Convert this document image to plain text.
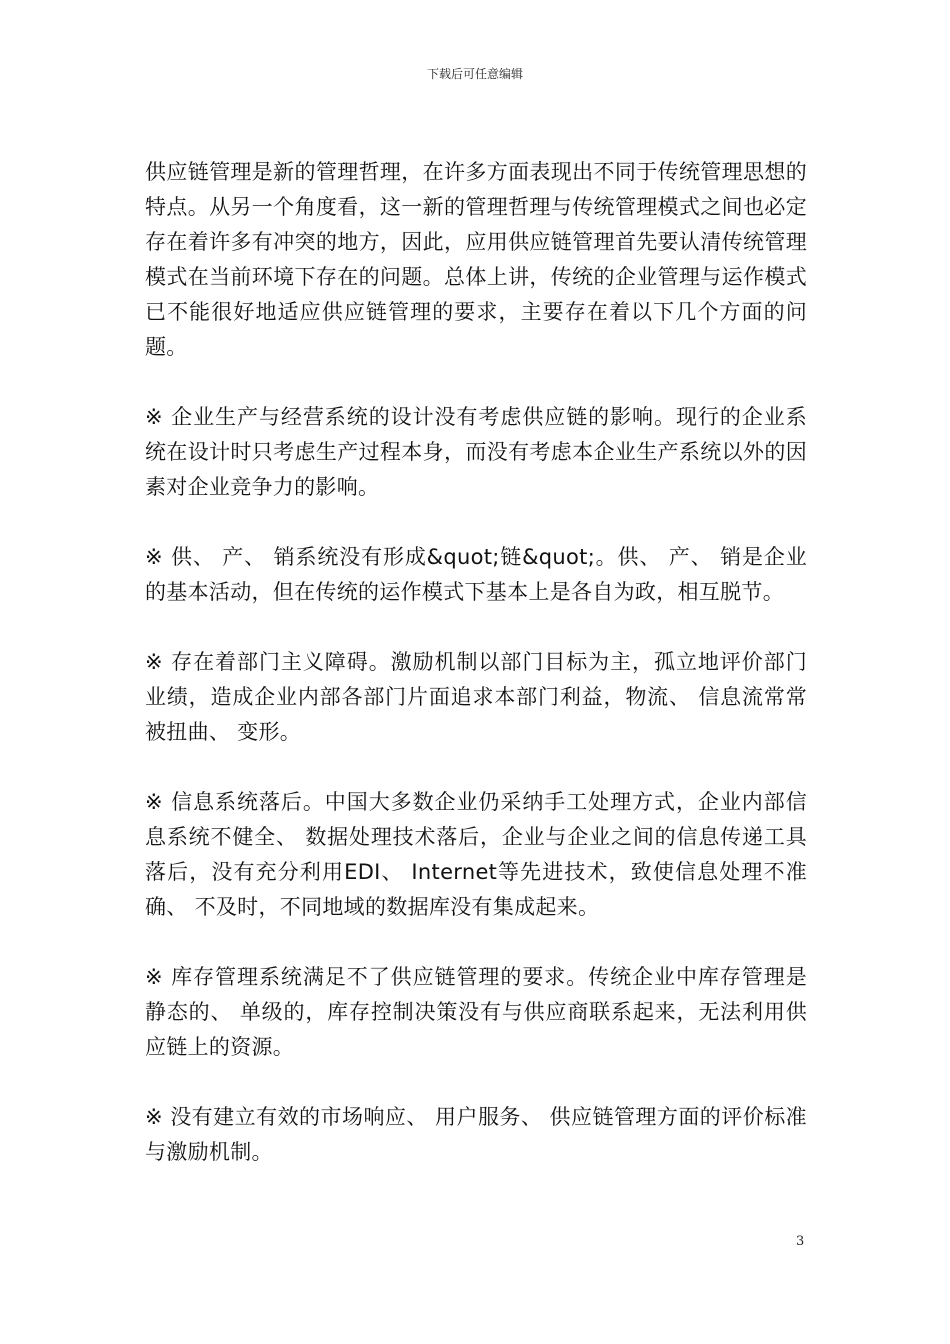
下载后可任意编辑

供应链管理是新的管理哲理，在许多方面表现出不同于传统管理思想的特点。从另一个角度看，这一新的管理哲理与传统管理模式之间也必定存在着许多有冲突的地方，因此，应用供应链管理首先要认清传统管理模式在当前环境下存在的问题。总体上讲，传统的企业管理与运作模式已不能很好地适应供应链管理的要求，主要存在着以下几个方面的问题。

※ 企业生产与经营系统的设计没有考虑供应链的影响。现行的企业系统在设计时只考虑生产过程本身，而没有考虑本企业生产系统以外的因素对企业竞争力的影响。

※ 供、 产、 销系统没有形成&quot;链&quot;。供、 产、 销是企业的基本活动，但在传统的运作模式下基本上是各自为政，相互脱节。

※ 存在着部门主义障碍。激励机制以部门目标为主，孤立地评价部门业绩，造成企业内部各部门片面追求本部门利益，物流、 信息流常常被扭曲、 变形。

※ 信息系统落后。中国大多数企业仍采纳手工处理方式，企业内部信息系统不健全、 数据处理技术落后，企业与企业之间的信息传递工具落后，没有充分利用EDI、 Internet等先进技术，致使信息处理不准确、 不及时，不同地域的数据库没有集成起来。

※ 库存管理系统满足不了供应链管理的要求。传统企业中库存管理是静态的、 单级的，库存控制决策没有与供应商联系起来，无法利用供应链上的资源。

※ 没有建立有效的市场响应、 用户服务、 供应链管理方面的评价标准与激励机制。

3
